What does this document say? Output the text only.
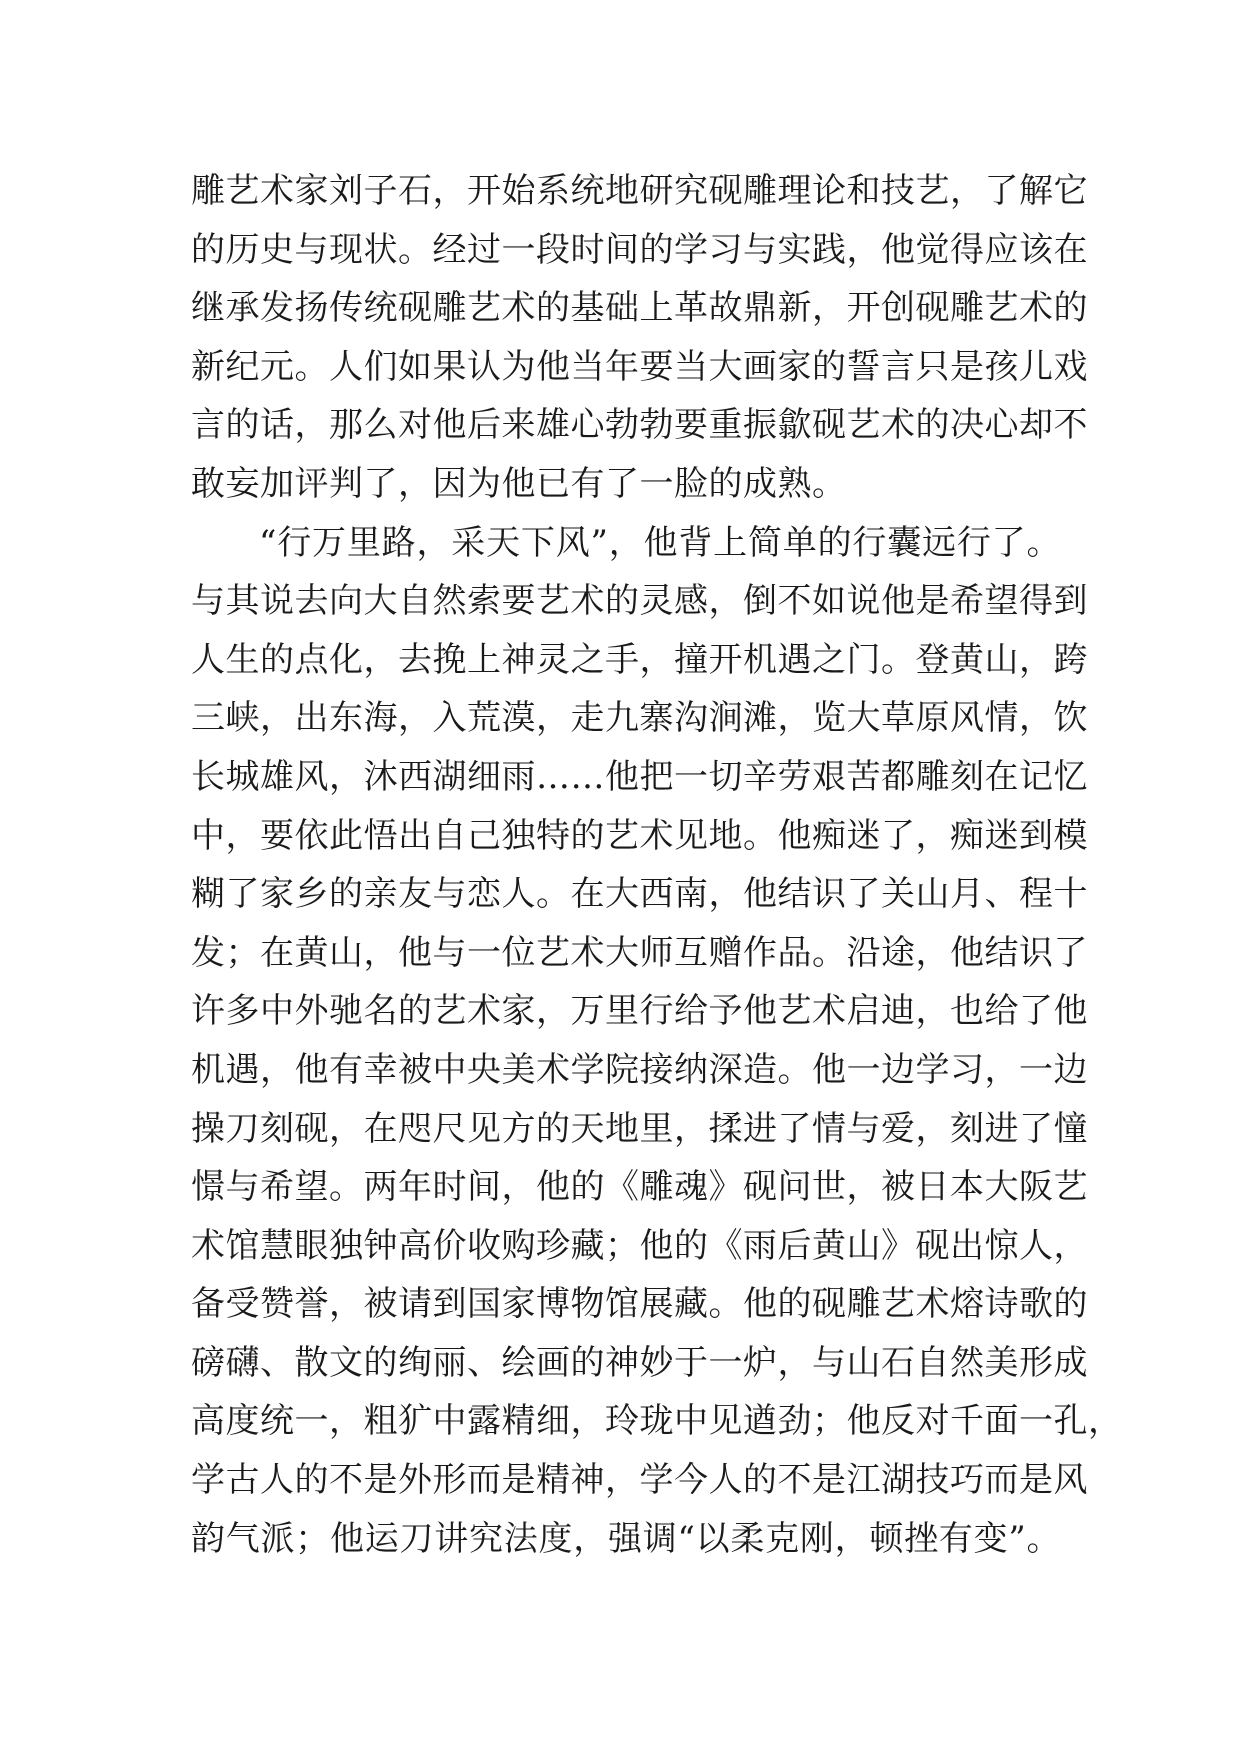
雕艺术家刘子石，开始系统地研究砚雕理论和技艺，了解它
的历史与现状。经过一段时间的学习与实践，他觉得应该在
继承发扬传统砚雕艺术的基础上革故鼎新，开创砚雕艺术的
新纪元。人们如果认为他当年要当大画家的誓言只是孩儿戏
言的话，那么对他后来雄心勃勃要重振歙砚艺术的决心却不
敢妄加评判了，因为他已有了一脸的成熟。
“行万里路，采天下风”，他背上简单的行囊远行了。
与其说去向大自然索要艺术的灵感，倒不如说他是希望得到
人生的点化，去挽上神灵之手，撞开机遇之门。登黄山，跨
三峡，出东海，入荒漠，走九寨沟涧滩，览大草原风情，饮
长城雄风，沐西湖细雨……他把一切辛劳艰苦都雕刻在记忆
中，要依此悟出自己独特的艺术见地。他痴迷了，痴迷到模
糊了家乡的亲友与恋人。在大西南，他结识了关山月、程十
发；在黄山，他与一位艺术大师互赠作品。沿途，他结识了
许多中外驰名的艺术家，万里行给予他艺术启迪，也给了他
机遇，他有幸被中央美术学院接纳深造。他一边学习，一边
操刀刻砚，在咫尺见方的天地里，揉进了情与爱，刻进了憧
憬与希望。两年时间，他的《雕魂》砚问世，被日本大阪艺
术馆慧眼独钟高价收购珍藏；他的《雨后黄山》砚出惊人，
备受赞誉，被请到国家博物馆展藏。他的砚雕艺术熔诗歌的
磅礴、散文的绚丽、绘画的神妙于一炉，与山石自然美形成
高度统一，粗犷中露精细，玲珑中见遒劲；他反对千面一孔，
学古人的不是外形而是精神，学今人的不是江湖技巧而是风
韵气派；他运刀讲究法度，强调“以柔克刚，顿挫有变”。
